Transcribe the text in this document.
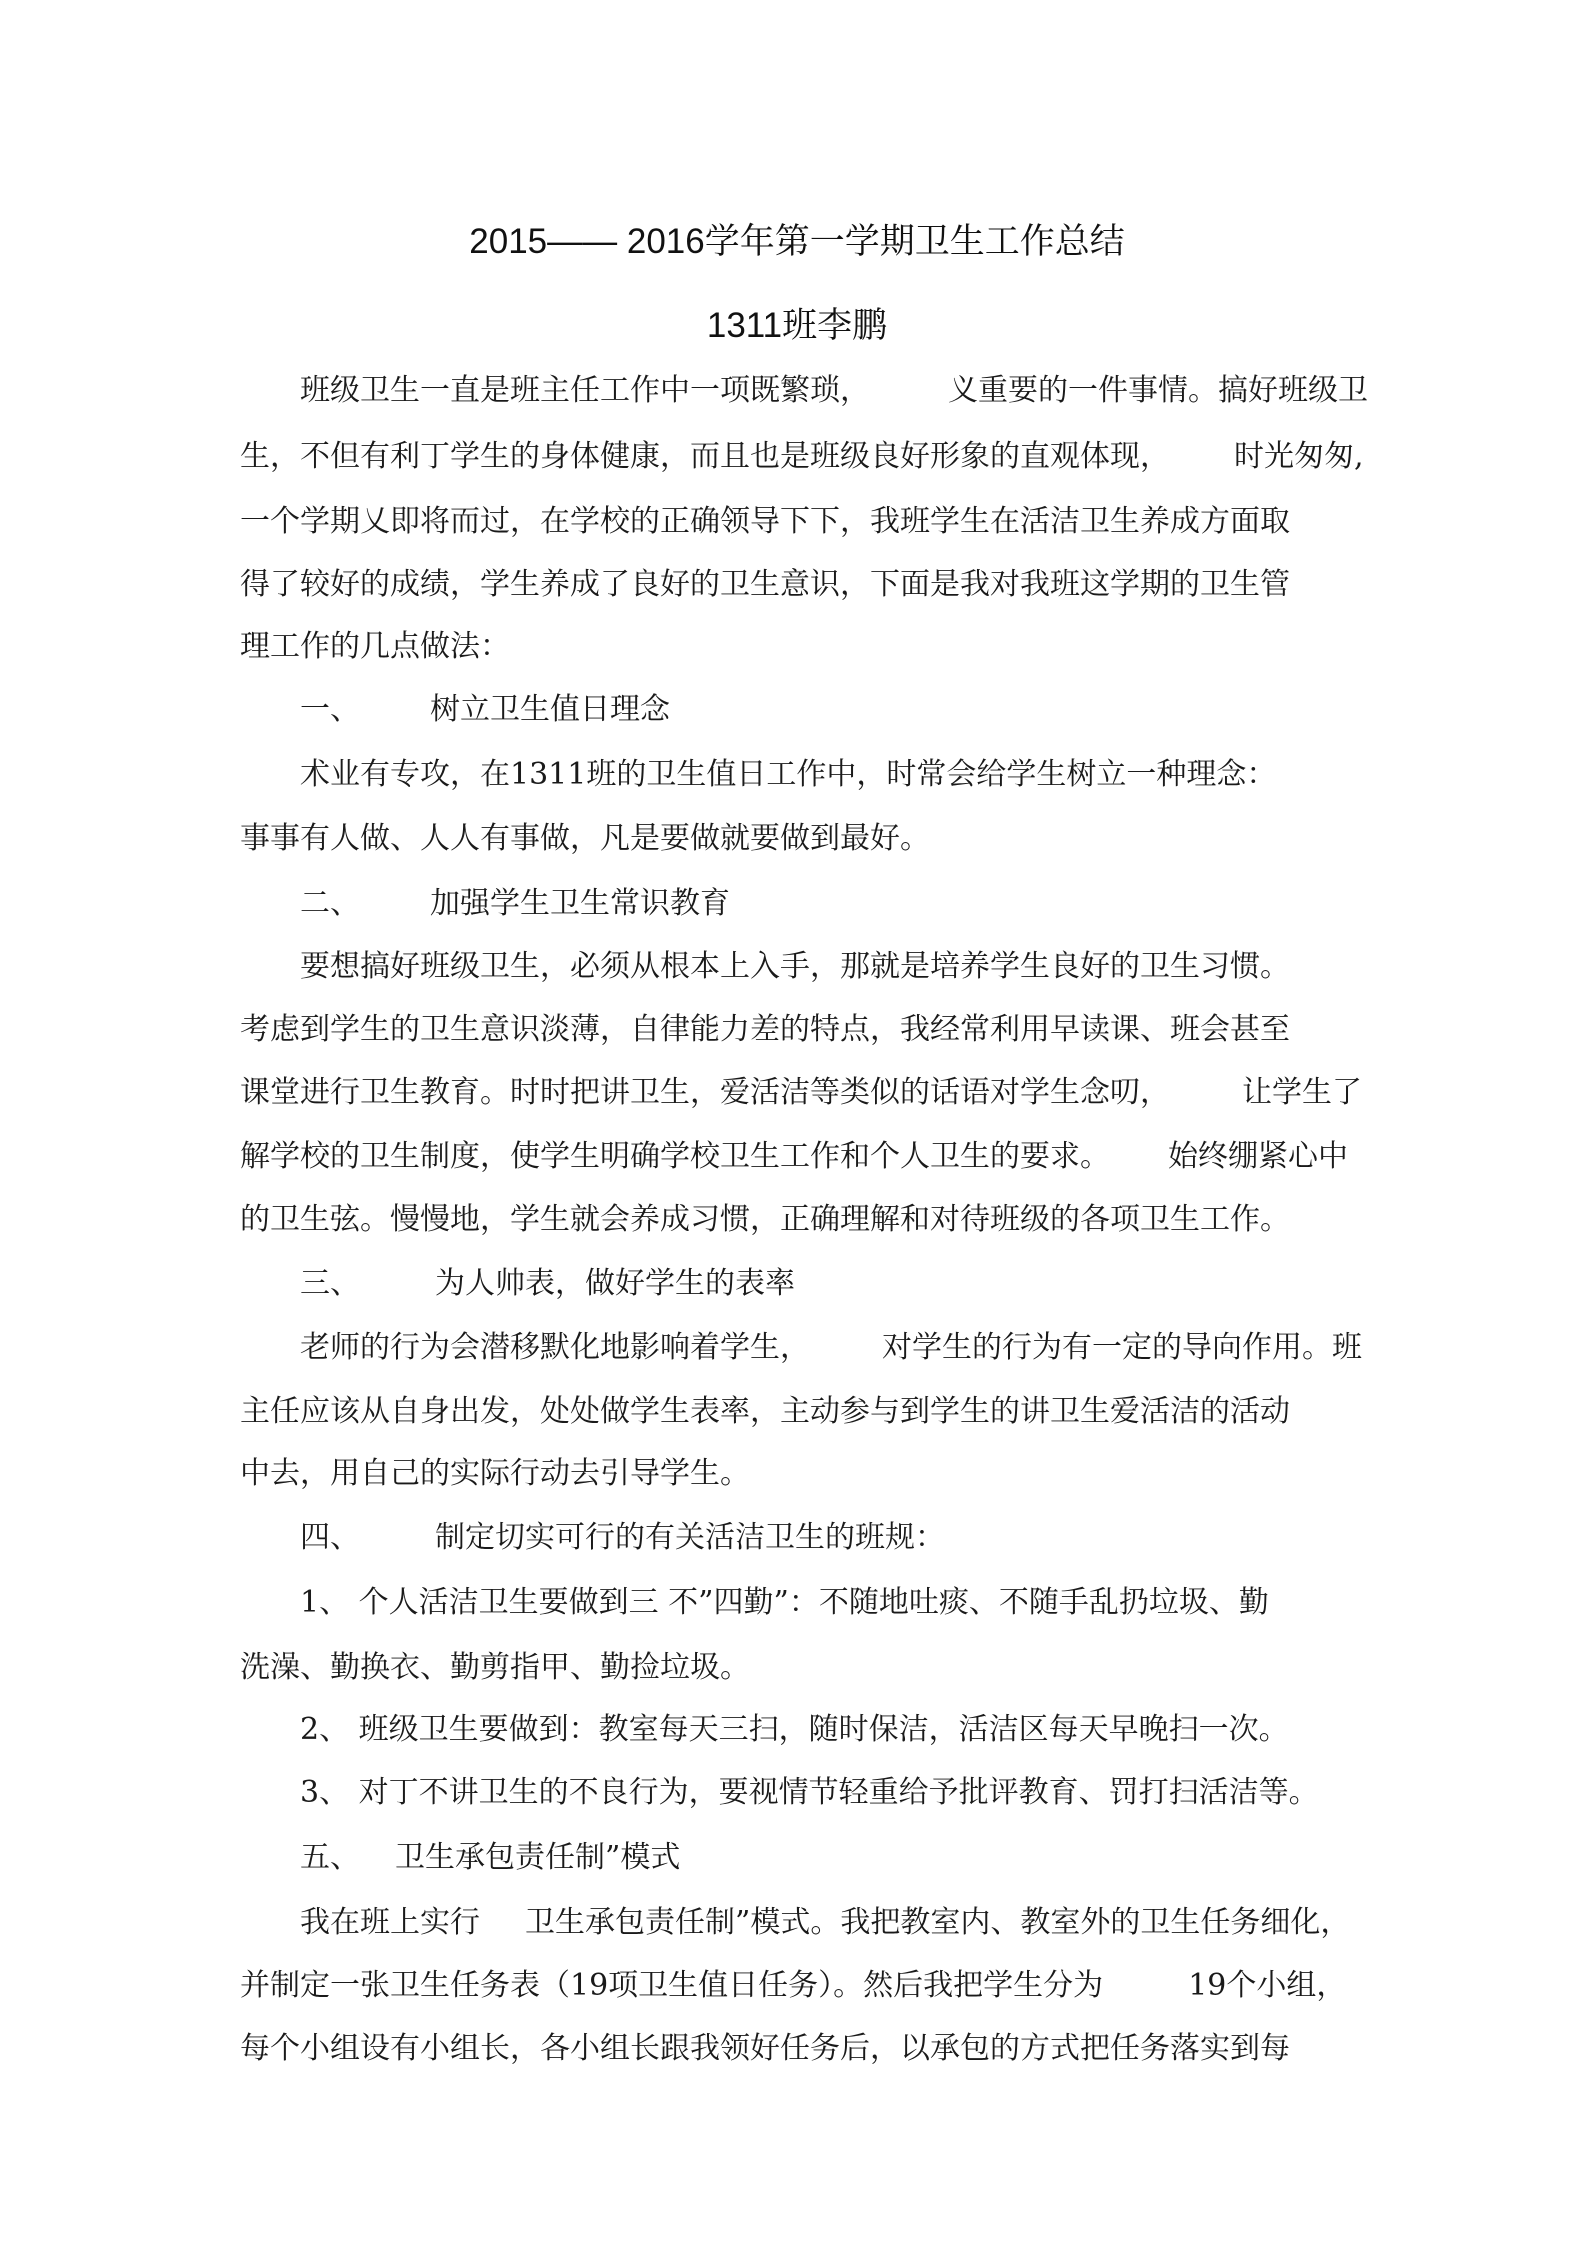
2015—— 2016学年第一学期卫生工作总结
1311班李鹏

班级卫生一直是班主任工作中一项既繁琐，	义重要的一件事情。搞好班级卫

生，不但有利丁学生的身体健康，而且也是班级良好形象的直观体现， 时光匆匆,

一个学期乂即将而过，在学校的正确领导下下，我班学生在活洁卫生养成方面取

得了较好的成绩，学生养成了良好的卫生意识，下面是我对我班这学期的卫生管

理工作的几点做法：

一、 树立卫生值日理念

术业有专攻，在1311班的卫生值日工作中，时常会给学生树立一种理念：

事事有人做、人人有事做，凡是要做就要做到最好。

二、 加强学生卫生常识教育

要想搞好班级卫生，必须从根本上入手，那就是培养学生良好的卫生习惯。

考虑到学生的卫生意识淡薄，自律能力差的特点，我经常利用早读课、班会甚至

课堂进行卫生教育。时时把讲卫生，爱活洁等类似的话语对学生念叨， 让学生了

解学校的卫生制度，使学生明确学校卫生工作和个人卫生的要求。 始终绷紧心中

的卫生弦。慢慢地，学生就会养成习惯，正确理解和对待班级的各项卫生工作。

三、	为人帅表，做好学生的表率

老师的行为会潜移默化地影响着学生， 对学生的行为有一定的导向作用。班

主任应该从自身出发，处处做学生表率，主动参与到学生的讲卫生爱活洁的活动

中去，用自己的实际行动去引导学生。

四、	制定切实可行的有关活洁卫生的班规：

1、 个人活洁卫生要做到三 不”四勤”：不随地吐痰、不随手乱扔垃圾、勤

洗澡、勤换衣、勤剪指甲、勤捡垃圾。

2、 班级卫生要做到：教室每天三扫，随时保洁，活洁区每天早晚扫一次。

3、 对丁不讲卫生的不良行为，要视情节轻重给予批评教育、罚打扫活洁等。

五、 卫生承包责任制”模式

我在班上实行 卫生承包责任制”模式。我把教室内、教室外的卫生任务细化，

并制定一张卫生任务表（19项卫生值日任务）。然后我把学生分为	19个小组，

每个小组设有小组长，各小组长跟我领好任务后，以承包的方式把任务落实到每
